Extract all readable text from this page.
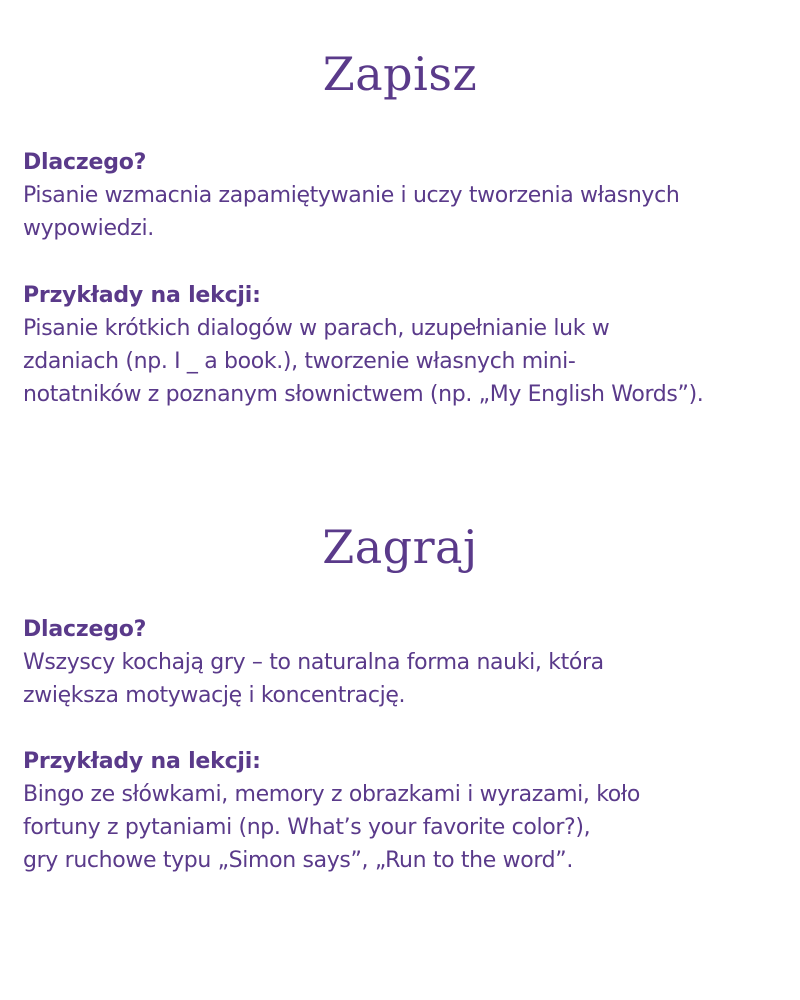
Zapisz
Dlaczego?
Pisanie wzmacnia zapamiętywanie i uczy tworzenia własnych
wypowiedzi.
Przykłady na lekcji:
Pisanie krótkich dialogów w parach, uzupełnianie luk w
zdaniach (np. I _ a book.), tworzenie własnych mini-
notatników z poznanym słownictwem (np. „My English Words”).
Zagraj
Dlaczego?
Wszyscy kochają gry – to naturalna forma nauki, która
zwiększa motywację i koncentrację.
Przykłady na lekcji:
Bingo ze słówkami, memory z obrazkami i wyrazami, koło
fortuny z pytaniami (np. What’s your favorite color?),
gry ruchowe typu „Simon says”, „Run to the word”.
